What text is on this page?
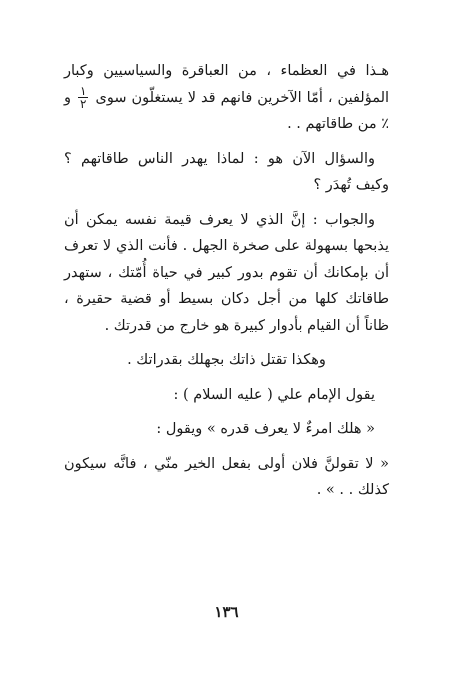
هـذا في العظماء ، من العباقرة والسياسيين وكبار المؤلفين ، أمّا الآخرين فانهم قد لا يستغلّون سوى
$\frac{١}{٢}$
و ٪ من طاقاتهم . .

والسؤال الآن هو : لماذا يهدر الناس طاقاتهم ؟ وكيف تُهدَر ؟

والجواب : إنَّ الذي لا يعرف قيمة نفسه يمكن أن يذبحها بسهولة على صخرة الجهل . فأنت الذي لا تعرف أن بإمكانك أن تقوم بدور كبير في حياة أُمّتك ، ستهدر طاقاتك كلها من أجل دكان بسيط أو قضية حقيرة ، ظاناً أن القيام بأدوار كبيرة هو خارج من قدرتك .

وهكذا تقتل ذاتك بجهلك بقدراتك .

يقول الإمام علي ( عليه السلام ) :

« هلك امرءٌ لا يعرف قدره » ويقول :

« لا تقولنَّ فلان أولى بفعل الخير منّي ، فانَّه سيكون كذلك . . » .

١٣٦
